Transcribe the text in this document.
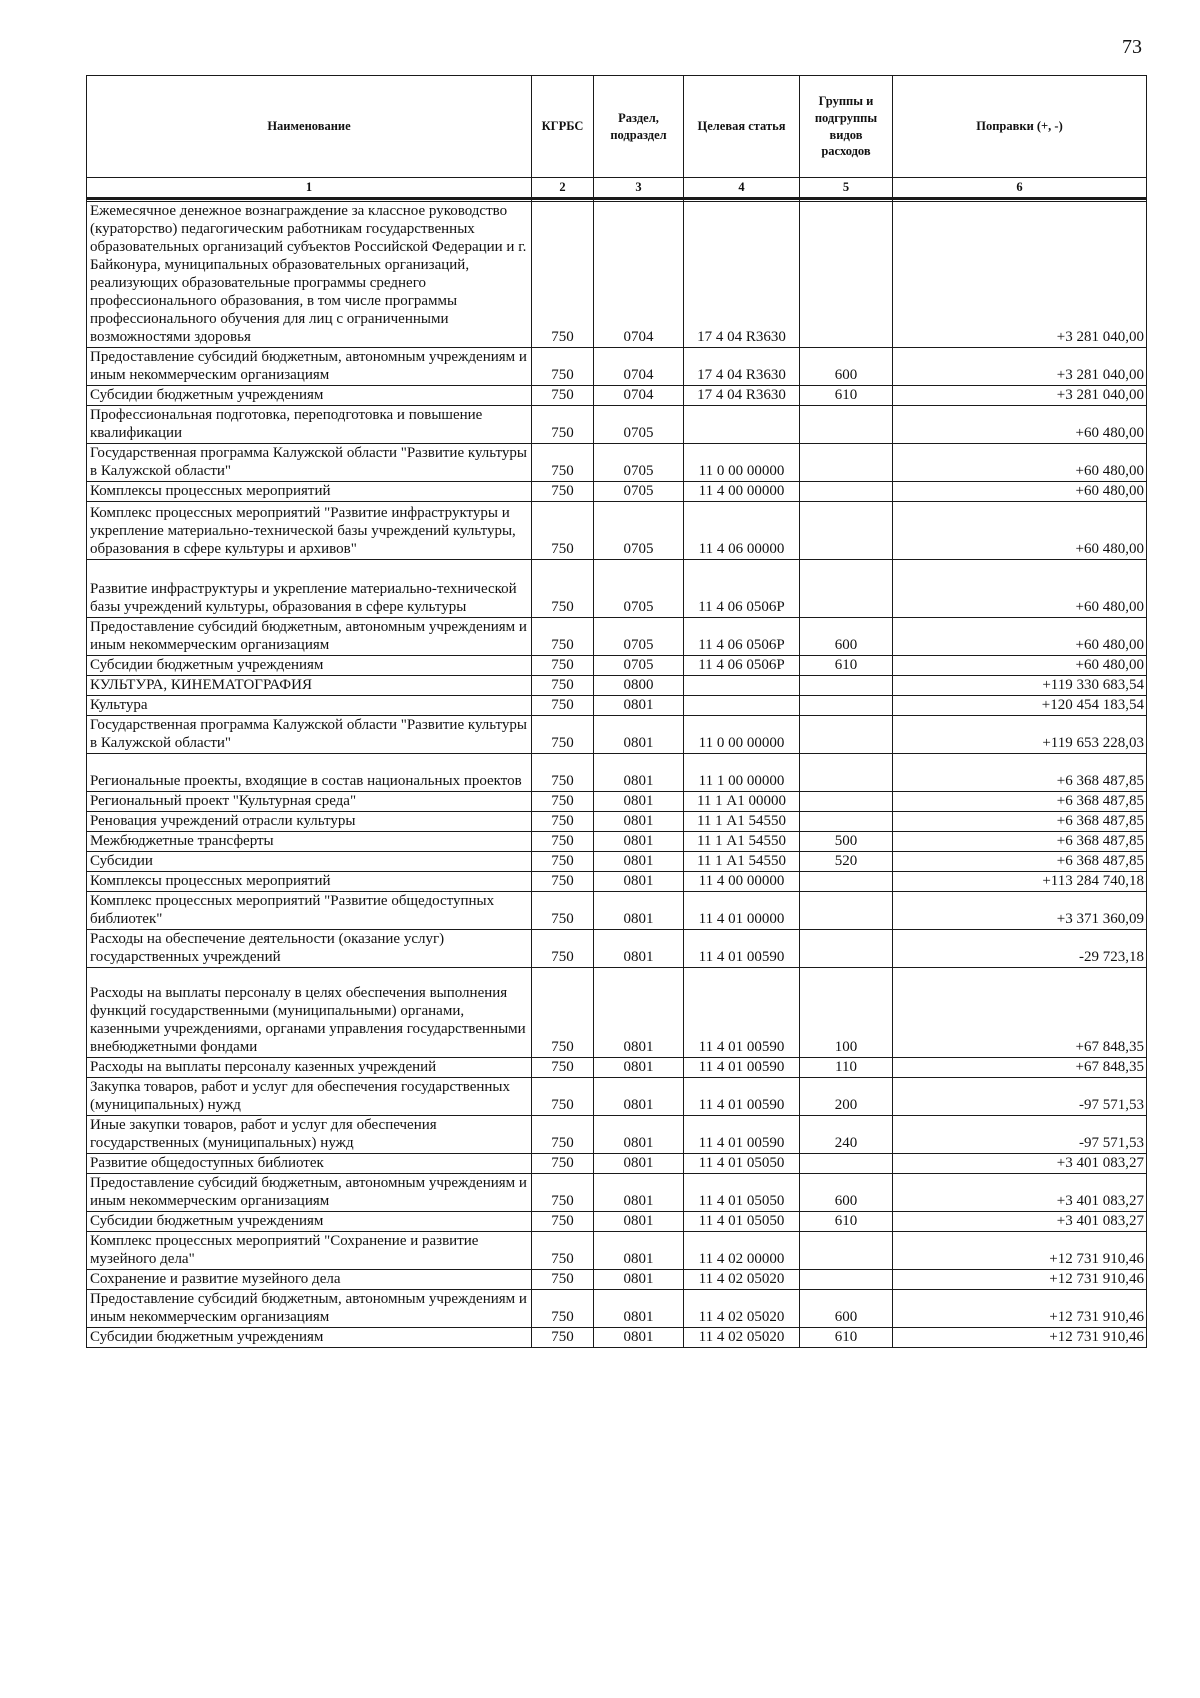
73
Наименование	КГРБС	Раздел, подраздел	Целевая статья	Группы и подгруппы видов расходов	Поправки (+, -)
1	2	3	4	5	6

Ежемесячное денежное вознаграждение за классное руководство (кураторство) педагогическим работникам государственных образовательных организаций субъектов Российской Федерации и г. Байконура, муниципальных образовательных организаций, реализующих образовательные программы среднего профессионального образования, в том числе программы профессионального обучения для лиц с ограниченными возможностями здоровья	750	0704	17 4 04 R3630		+3 281 040,00
Предоставление субсидий бюджетным, автономным учреждениям и иным некоммерческим организациям	750	0704	17 4 04 R3630	600	+3 281 040,00
Субсидии бюджетным учреждениям	750	0704	17 4 04 R3630	610	+3 281 040,00
Профессиональная подготовка, переподготовка и повышение квалификации	750	0705			+60 480,00
Государственная программа Калужской области "Развитие культуры в Калужской области"	750	0705	11 0 00 00000		+60 480,00
Комплексы процессных мероприятий	750	0705	11 4 00 00000		+60 480,00
Комплекс процессных мероприятий "Развитие инфраструктуры и укрепление материально-технической базы учреждений культуры, образования в сфере культуры и архивов"	750	0705	11 4 06 00000		+60 480,00
Развитие инфраструктуры и укрепление материально-технической базы учреждений культуры, образования в сфере культуры	750	0705	11 4 06 0506Р		+60 480,00
Предоставление субсидий бюджетным, автономным учреждениям и иным некоммерческим организациям	750	0705	11 4 06 0506Р	600	+60 480,00
Субсидии бюджетным учреждениям	750	0705	11 4 06 0506Р	610	+60 480,00
КУЛЬТУРА, КИНЕМАТОГРАФИЯ	750	0800			+119 330 683,54
Культура	750	0801			+120 454 183,54
Государственная программа Калужской области "Развитие культуры в Калужской области"	750	0801	11 0 00 00000		+119 653 228,03
Региональные проекты, входящие в состав национальных проектов	750	0801	11 1 00 00000		+6 368 487,85
Региональный проект "Культурная среда"	750	0801	11 1 А1 00000		+6 368 487,85
Реновация учреждений отрасли культуры	750	0801	11 1 А1 54550		+6 368 487,85
Межбюджетные трансферты	750	0801	11 1 А1 54550	500	+6 368 487,85
Субсидии	750	0801	11 1 А1 54550	520	+6 368 487,85
Комплексы процессных мероприятий	750	0801	11 4 00 00000		+113 284 740,18
Комплекс процессных мероприятий "Развитие общедоступных библиотек"	750	0801	11 4 01 00000		+3 371 360,09
Расходы на обеспечение деятельности (оказание услуг) государственных учреждений	750	0801	11 4 01 00590		-29 723,18
Расходы на выплаты персоналу в целях обеспечения выполнения функций государственными (муниципальными) органами, казенными учреждениями, органами управления государственными внебюджетными фондами	750	0801	11 4 01 00590	100	+67 848,35
Расходы на выплаты персоналу казенных учреждений	750	0801	11 4 01 00590	110	+67 848,35
Закупка товаров, работ и услуг для обеспечения государственных (муниципальных) нужд	750	0801	11 4 01 00590	200	-97 571,53
Иные закупки товаров, работ и услуг для обеспечения государственных (муниципальных) нужд	750	0801	11 4 01 00590	240	-97 571,53
Развитие общедоступных библиотек	750	0801	11 4 01 05050		+3 401 083,27
Предоставление субсидий бюджетным, автономным учреждениям и иным некоммерческим организациям	750	0801	11 4 01 05050	600	+3 401 083,27
Субсидии бюджетным учреждениям	750	0801	11 4 01 05050	610	+3 401 083,27
Комплекс процессных мероприятий "Сохранение и развитие музейного дела"	750	0801	11 4 02 00000		+12 731 910,46
Сохранение и развитие музейного дела	750	0801	11 4 02 05020		+12 731 910,46
Предоставление субсидий бюджетным, автономным учреждениям и иным некоммерческим организациям	750	0801	11 4 02 05020	600	+12 731 910,46
Субсидии бюджетным учреждениям	750	0801	11 4 02 05020	610	+12 731 910,46
